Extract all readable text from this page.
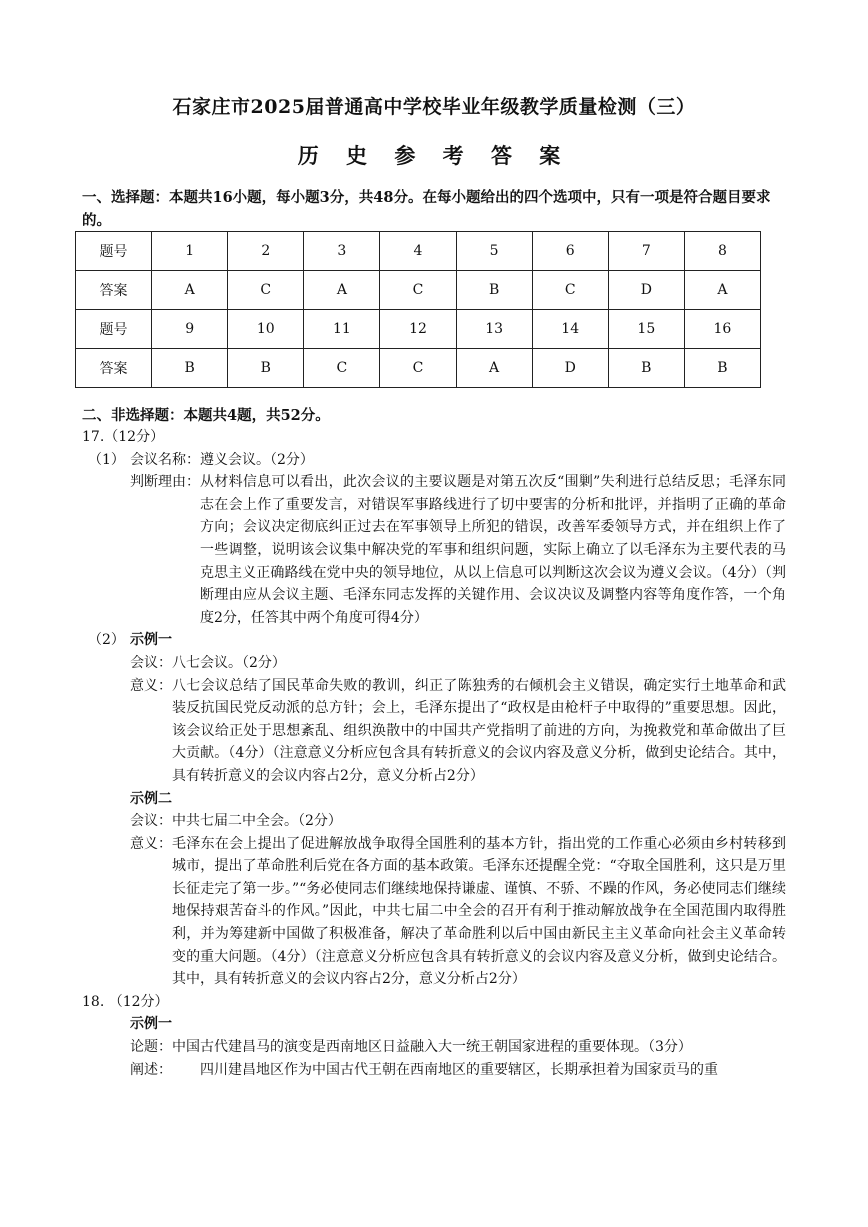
石家庄市2025届普通高中学校毕业年级教学质量检测（三）
历 史 参 考 答 案
一、选择题：本题共16小题，每小题3分，共48分。在每小题给出的四个选项中，只有一项是符合题目要求的。
题号	1	2	3	4	5	6	7	8
答案	A	C	A	C	B	C	D	A
题号	9	10	11	12	13	14	15	16
答案	B	B	C	C	A	D	B	B
二、非选择题：本题共4题，共52分。
17.（12分）
（1） 会议名称：遵义会议。（2分）
判断理由： 从材料信息可以看出，此次会议的主要议题是对第五次反“围剿”失利进行总结反思；毛泽东同志在会上作了重要发言，对错误军事路线进行了切中要害的分析和批评，并指明了正确的革命方向；会议决定彻底纠正过去在军事领导上所犯的错误，改善军委领导方式，并在组织上作了一些调整，说明该会议集中解决党的军事和组织问题，实际上确立了以毛泽东为主要代表的马克思主义正确路线在党中央的领导地位，从以上信息可以判断这次会议为遵义会议。（4分）（判断理由应从会议主题、毛泽东同志发挥的关键作用、会议决议及调整内容等角度作答，一个角度2分，任答其中两个角度可得4分）
（2） 示例一
会议： 八七会议。（2分）
意义： 八七会议总结了国民革命失败的教训，纠正了陈独秀的右倾机会主义错误，确定实行土地革命和武装反抗国民党反动派的总方针；会上，毛泽东提出了“政权是由枪杆子中取得的”重要思想。因此，该会议给正处于思想紊乱、组织涣散中的中国共产党指明了前进的方向，为挽救党和革命做出了巨大贡献。（4分）（注意意义分析应包含具有转折意义的会议内容及意义分析，做到史论结合。其中，具有转折意义的会议内容占2分，意义分析占2分）
示例二
会议： 中共七届二中全会。（2分）
意义： 毛泽东在会上提出了促进解放战争取得全国胜利的基本方针，指出党的工作重心必须由乡村转移到城市，提出了革命胜利后党在各方面的基本政策。毛泽东还提醒全党：“夺取全国胜利，这只是万里长征走完了第一步。”“务必使同志们继续地保持谦虚、谨慎、不骄、不躁的作风，务必使同志们继续地保持艰苦奋斗的作风。”因此，中共七届二中全会的召开有利于推动解放战争在全国范围内取得胜利，并为筹建新中国做了积极准备，解决了革命胜利以后中国由新民主主义革命向社会主义革命转变的重大问题。（4分）（注意意义分析应包含具有转折意义的会议内容及意义分析，做到史论结合。其中，具有转折意义的会议内容占2分，意义分析占2分）
18. （12分）
示例一
论题： 中国古代建昌马的演变是西南地区日益融入大一统王朝国家进程的重要体现。（3分）
阐述：	四川建昌地区作为中国古代王朝在西南地区的重要辖区，长期承担着为国家贡马的重
